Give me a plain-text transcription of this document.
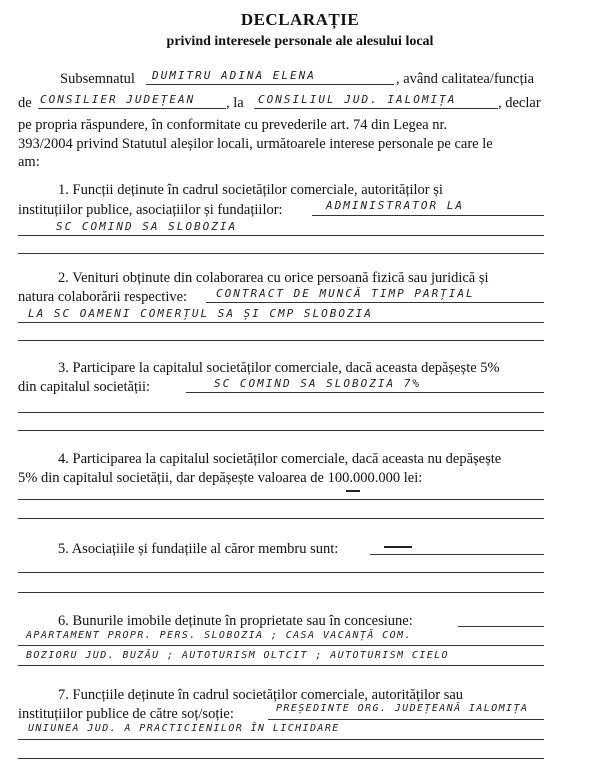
DECLARAȚIE
privind interesele personale ale alesului local
Subsemnatul DUMITRU ADINA ELENA	, având calitatea/funcția
de CONSILIER JUDEȚEAN , la CONSILIUL JUD. IALOMIȚA	, declar
pe propria răspundere, în conformitate cu prevederile art. 74 din Legea nr.
393/2004 privind Statutul aleșilor locali, următoarele interese personale pe care le
am:
1. Funcții deținute în cadrul societăților comerciale, autorităților și
instituțiilor publice, asociațiilor și fundațiilor:	ADMINISTRATOR LA
SC COMIND SA SLOBOZIA
2. Venituri obținute din colaborarea cu orice persoană fizică sau juridică și
natura colaborării respective:	CONTRACT DE MUNCĂ TIMP PARȚIAL
LA SC OAMENI COMERȚUL SA ȘI CMP SLOBOZIA
3. Participare la capitalul societăților comerciale, dacă aceasta depășește 5%
din capitalul societății:	SC COMIND SA SLOBOZIA 7%
4. Participarea la capitalul societăților comerciale, dacă aceasta nu depășește
5% din capitalul societății, dar depășește valoarea de 100.000.000 lei:
5. Asociațiile și fundațiile al căror membru sunt:
6. Bunurile imobile deținute în proprietate sau în concesiune:
APARTAMENT PROPR. PERS. SLOBOZIA ; CASA VACANȚĂ COM.
BOZIORU JUD. BUZĂU ; AUTOTURISM OLTCIT ; AUTOTURISM CIELO
7. Funcțiile deținute în cadrul societăților comerciale, autorităților sau
instituțiilor publice de către soț/soție:	PREȘEDINTE ORG. JUDEȚEANĂ IALOMIȚA
UNIUNEA JUD. A PRACTICIENILOR ÎN LICHIDARE
